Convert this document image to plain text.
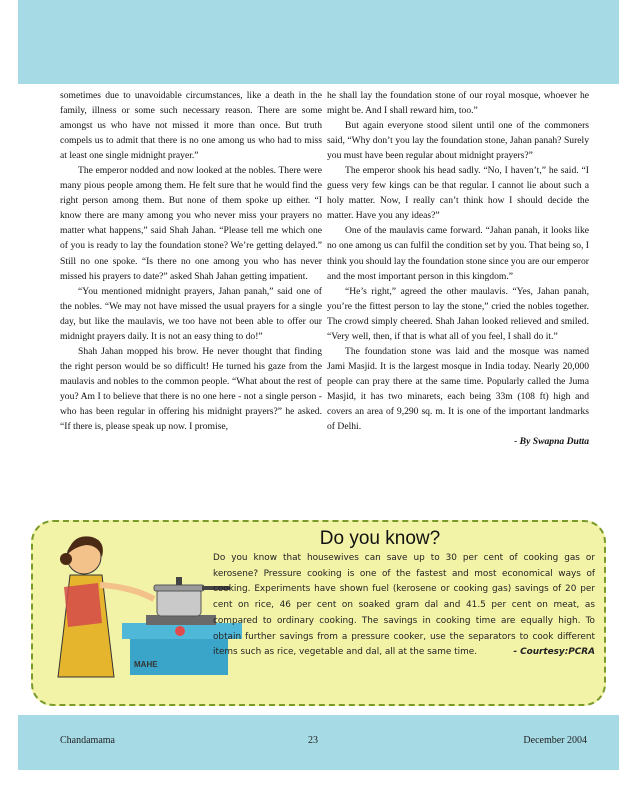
sometimes due to unavoidable circumstances, like a death in the family, illness or some such necessary reason. There are some amongst us who have not missed it more than once. But truth compels us to admit that there is no one among us who had to miss at least one single midnight prayer.”

The emperor nodded and now looked at the nobles. There were many pious people among them. He felt sure that he would find the right person among them. But none of them spoke up either. “I know there are many among you who never miss your prayers no matter what happens,” said Shah Jahan. “Please tell me which one of you is ready to lay the foundation stone? We’re getting delayed.” Still no one spoke. “Is there no one among you who has never missed his prayers to date?” asked Shah Jahan getting impatient.

“You mentioned midnight prayers, Jahan panah,” said one of the nobles. “We may not have missed the usual prayers for a single day, but like the maulavis, we too have not been able to offer our midnight prayers daily. It is not an easy thing to do!”

Shah Jahan mopped his brow. He never thought that finding the right person would be so difficult! He turned his gaze from the maulavis and nobles to the common people. “What about the rest of you? Am I to believe that there is no one here - not a single person - who has been regular in offering his midnight prayers?” he asked. “If there is, please speak up now. I promise,

he shall lay the foundation stone of our royal mosque, whoever he might be. And I shall reward him, too.”

But again everyone stood silent until one of the commoners said, “Why don’t you lay the foundation stone, Jahan panah? Surely you must have been regular about midnight prayers?”

The emperor shook his head sadly. “No, I haven’t,” he said. “I guess very few kings can be that regular. I cannot lie about such a holy matter. Now, I really can’t think how I should decide the matter. Have you any ideas?”

One of the maulavis came forward. “Jahan panah, it looks like no one among us can fulfil the condition set by you. That being so, I think you should lay the foundation stone since you are our emperor and the most important person in this kingdom.”

“He’s right,” agreed the other maulavis. “Yes, Jahan panah, you’re the fittest person to lay the stone,” cried the nobles together. The crowd simply cheered. Shah Jahan looked relieved and smiled. “Very well, then, if that is what all of you feel, I shall do it.”

The foundation stone was laid and the mosque was named Jami Masjid. It is the largest mosque in India today. Nearly 20,000 people can pray there at the same time. Popularly called the Juma Masjid, it has two minarets, each being 33m (108 ft) high and covers an area of 9,290 sq. m. It is one of the important landmarks of Delhi.

- By Swapna Dutta

MAHE
Do you know?
Do you know that housewives can save up to 30 per cent of cooking gas or kerosene? Pressure cooking is one of the fastest and most economical ways of cooking. Experiments have shown fuel (kerosene or cooking gas) savings of 20 per cent on rice, 46 per cent on soaked gram dal and 41.5 per cent on meat, as compared to ordinary cooking. The savings in cooking time are equally high. To obtain further savings from a pressure cooker, use the separators to cook different items such as rice, vegetable and dal, all at the same time.	- Courtesy:PCRA
Chandamama	23	December 2004
